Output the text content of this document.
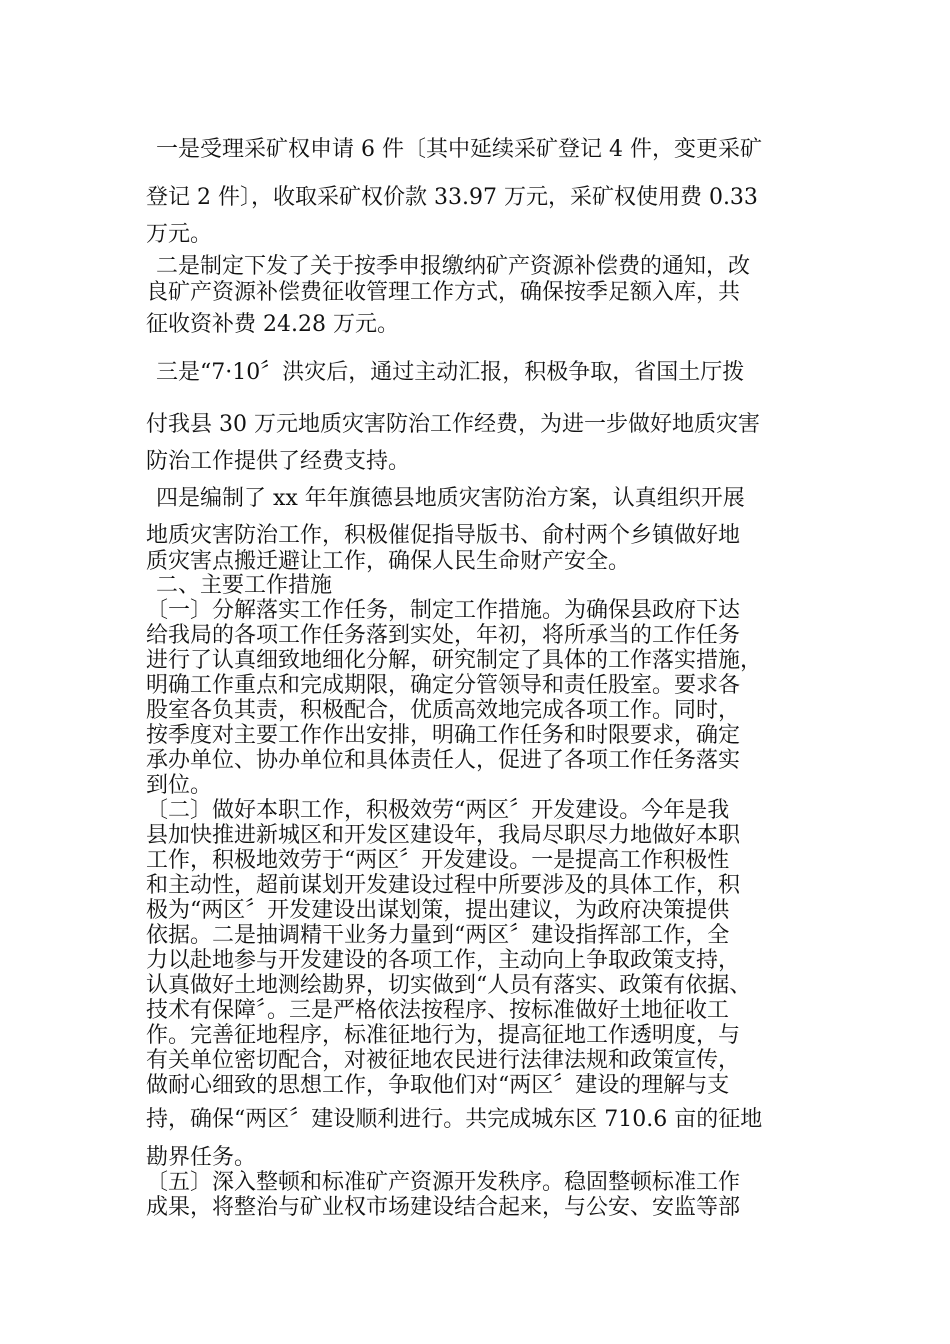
一是受理采矿权申请 6 件〔其中延续采矿登记 4 件，变更采矿
登记 2 件〕，收取采矿权价款 33.97 万元，采矿权使用费 0.33
万元。
二是制定下发了关于按季申报缴纳矿产资源补偿费的通知，改
良矿产资源补偿费征收管理工作方式，确保按季足额入库，共
征收资补费 24.28 万元。
三是“7·10〞洪灾后，通过主动汇报，积极争取，省国土厅拨
付我县 30 万元地质灾害防治工作经费，为进一步做好地质灾害
防治工作提供了经费支持。
四是编制了 xx 年年旗德县地质灾害防治方案，认真组织开展
地质灾害防治工作，积极催促指导版书、俞村两个乡镇做好地
质灾害点搬迁避让工作，确保人民生命财产安全。
二、主要工作措施
〔一〕分解落实工作任务，制定工作措施。为确保县政府下达
给我局的各项工作任务落到实处，年初，将所承当的工作任务
进行了认真细致地细化分解，研究制定了具体的工作落实措施，
明确工作重点和完成期限，确定分管领导和责任股室。要求各
股室各负其责，积极配合，优质高效地完成各项工作。同时，
按季度对主要工作作出安排，明确工作任务和时限要求，确定
承办单位、协办单位和具体责任人，促进了各项工作任务落实
到位。
〔二〕做好本职工作，积极效劳“两区〞开发建设。今年是我
县加快推进新城区和开发区建设年，我局尽职尽力地做好本职
工作，积极地效劳于“两区〞开发建设。一是提高工作积极性
和主动性，超前谋划开发建设过程中所要涉及的具体工作，积
极为“两区〞开发建设出谋划策，提出建议，为政府决策提供
依据。二是抽调精干业务力量到“两区〞建设指挥部工作，全
力以赴地参与开发建设的各项工作，主动向上争取政策支持，
认真做好土地测绘勘界，切实做到“人员有落实、政策有依据、
技术有保障〞。三是严格依法按程序、按标准做好土地征收工
作。完善征地程序，标准征地行为，提高征地工作透明度，与
有关单位密切配合，对被征地农民进行法律法规和政策宣传，
做耐心细致的思想工作，争取他们对“两区〞建设的理解与支
持，确保“两区〞建设顺利进行。共完成城东区 710.6 亩的征地
勘界任务。
〔五〕深入整顿和标准矿产资源开发秩序。稳固整顿标准工作
成果，将整治与矿业权市场建设结合起来，与公安、安监等部
